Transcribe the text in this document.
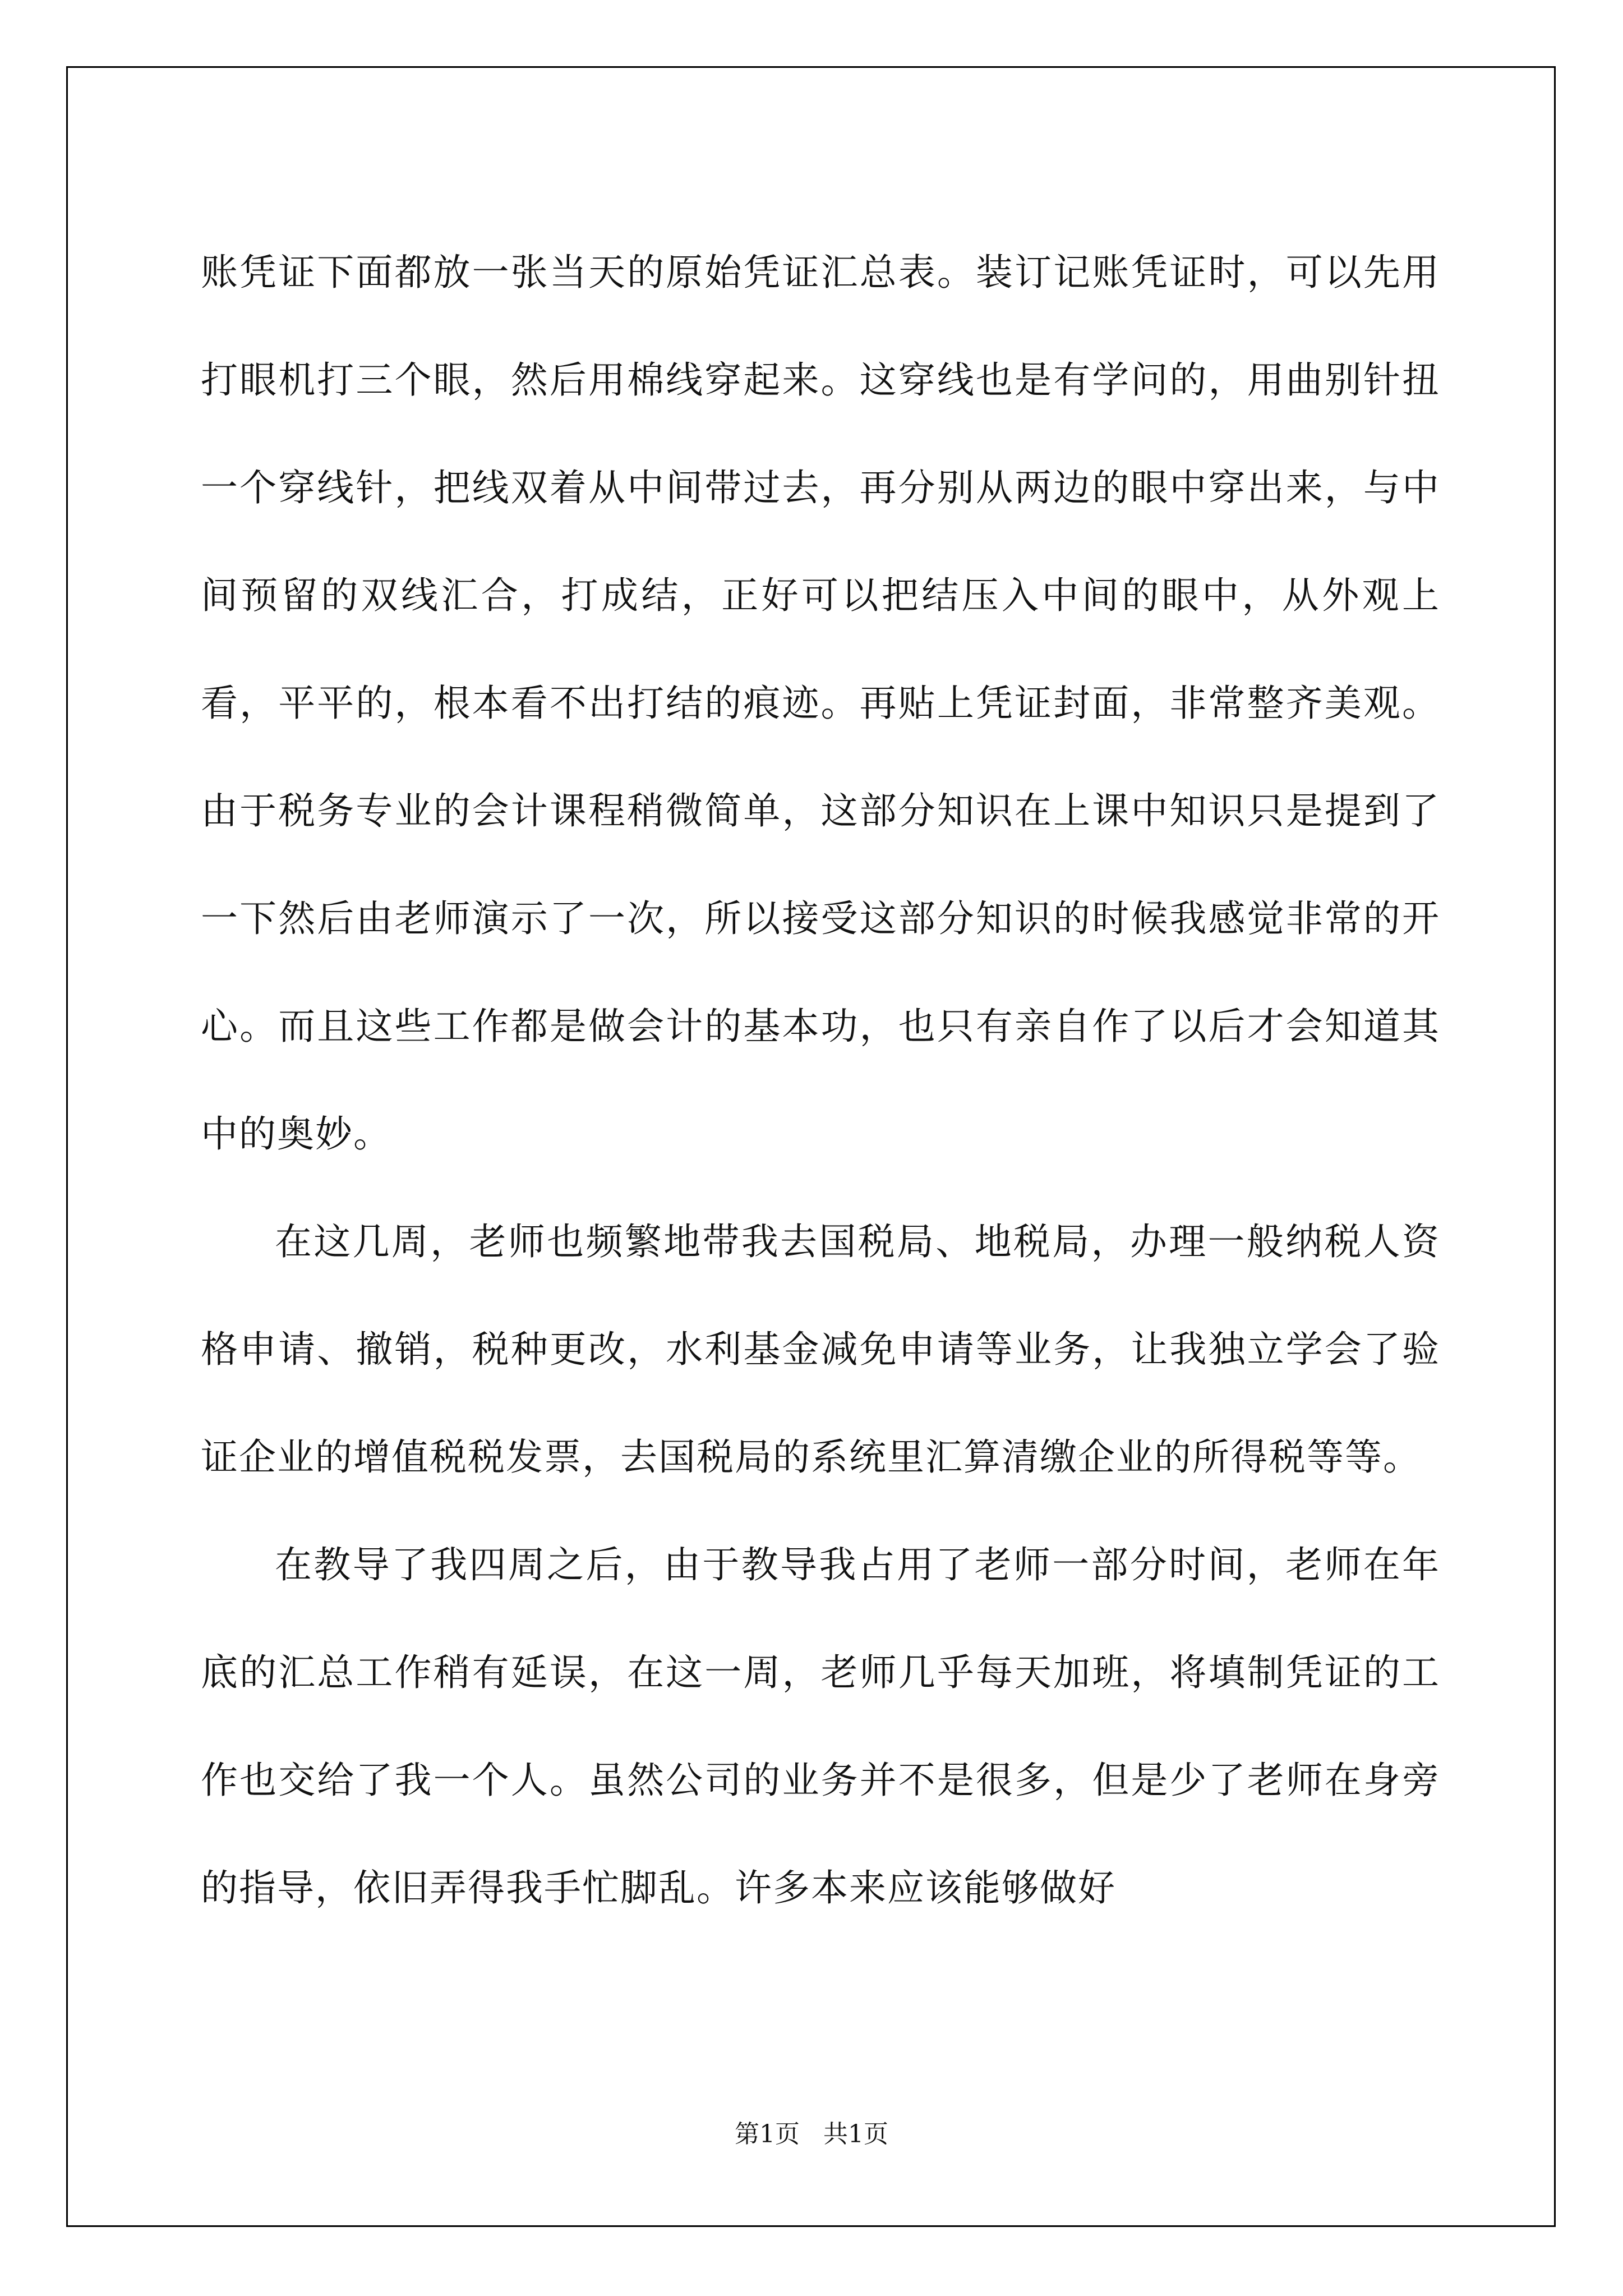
账凭证下面都放一张当天的原始凭证汇总表。装订记账凭证时，可以先用打眼机打三个眼，然后用棉线穿起来。这穿线也是有学问的，用曲别针扭一个穿线针，把线双着从中间带过去，再分别从两边的眼中穿出来，与中间预留的双线汇合，打成结，正好可以把结压入中间的眼中，从外观上看，平平的，根本看不出打结的痕迹。再贴上凭证封面，非常整齐美观。由于税务专业的会计课程稍微简单，这部分知识在上课中知识只是提到了一下然后由老师演示了一次，所以接受这部分知识的时候我感觉非常的开心。而且这些工作都是做会计的基本功，也只有亲自作了以后才会知道其中的奥妙。

在这几周，老师也频繁地带我去国税局、地税局，办理一般纳税人资格申请、撤销，税种更改，水利基金减免申请等业务，让我独立学会了验证企业的增值税税发票，去国税局的系统里汇算清缴企业的所得税等等。

在教导了我四周之后，由于教导我占用了老师一部分时间，老师在年底的汇总工作稍有延误，在这一周，老师几乎每天加班，将填制凭证的工作也交给了我一个人。虽然公司的业务并不是很多，但是少了老师在身旁的指导，依旧弄得我手忙脚乱。许多本来应该能够做好

第1页 共1页
